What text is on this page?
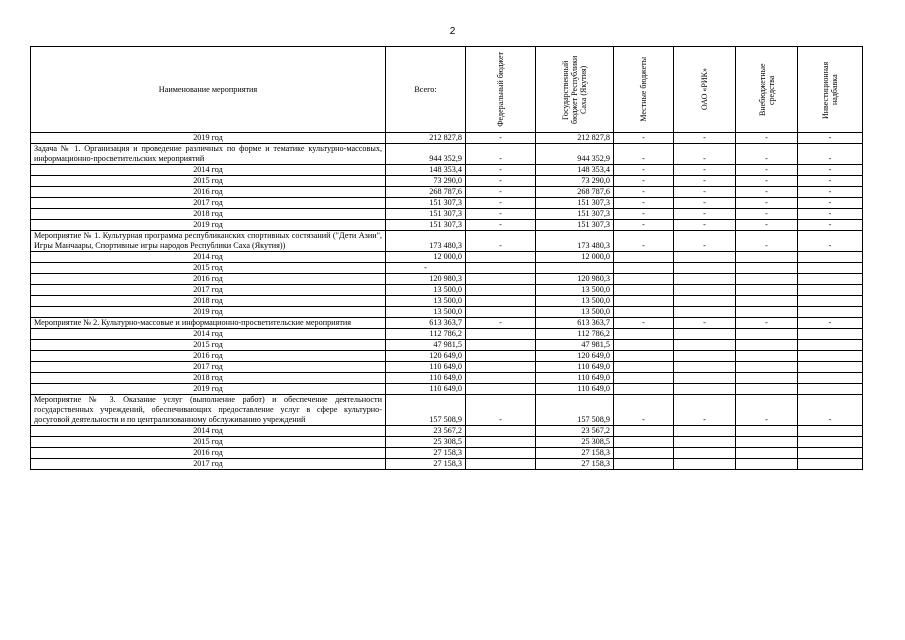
2
Наименование мероприятия	Всего:	Федеральный бюджет	Государственный бюджет Республики Саха (Якутия)	Местные бюджеты	ОАО «РИК»	Внебюджетные средства	Инвестиционная надбавка

2019 год	212 827,8	-	212 827,8	-	-	-	-
Задача № 1. Организация и проведение различных по форме и тематике культурно-массовых, информационно-просветительских мероприятий	944 352,9	-	944 352,9	-	-	-	-
2014 год	148 353,4	-	148 353,4	-	-	-	-
2015 год	73 290,0	-	73 290,0	-	-	-	-
2016 год	268 787,6	-	268 787,6	-	-	-	-
2017 год	151 307,3	-	151 307,3	-	-	-	-
2018 год	151 307,3	-	151 307,3	-	-	-	-
2019 год	151 307,3	-	151 307,3	-	-	-	-
Мероприятие № 1. Культурная программа республиканских спортивных состязаний ("Дети Азии", Игры Манчаары, Спортивные игры народов Республики Саха (Якутия))	173 480,3	-	173 480,3	-	-	-	-
2014 год	12 000,0		12 000,0				
2015 год	-						
2016 год	120 980,3		120 980,3				
2017 год	13 500,0		13 500,0				
2018 год	13 500,0		13 500,0				
2019 год	13 500,0		13 500,0				
Мероприятие № 2. Культурно-массовые и информационно-просветительские мероприятия	613 363,7	-	613 363,7	-	-	-	-
2014 год	112 786,2		112 786,2				
2015 год	47 981,5		47 981,5				
2016 год	120 649,0		120 649,0				
2017 год	110 649,0		110 649,0				
2018 год	110 649,0		110 649,0				
2019 год	110 649,0		110 649,0				
Мероприятие № 3. Оказание услуг (выполнение работ) и обеспечение деятельности государственных учреждений, обеспечивающих предоставление услуг в сфере культурно-досуговой деятельности и по централизованному обслуживанию учреждений	157 508,9	-	157 508,9	-	-	-	-
2014 год	23 567,2		23 567,2				
2015 год	25 308,5		25 308,5				
2016 год	27 158,3		27 158,3				
2017 год	27 158,3		27 158,3				
